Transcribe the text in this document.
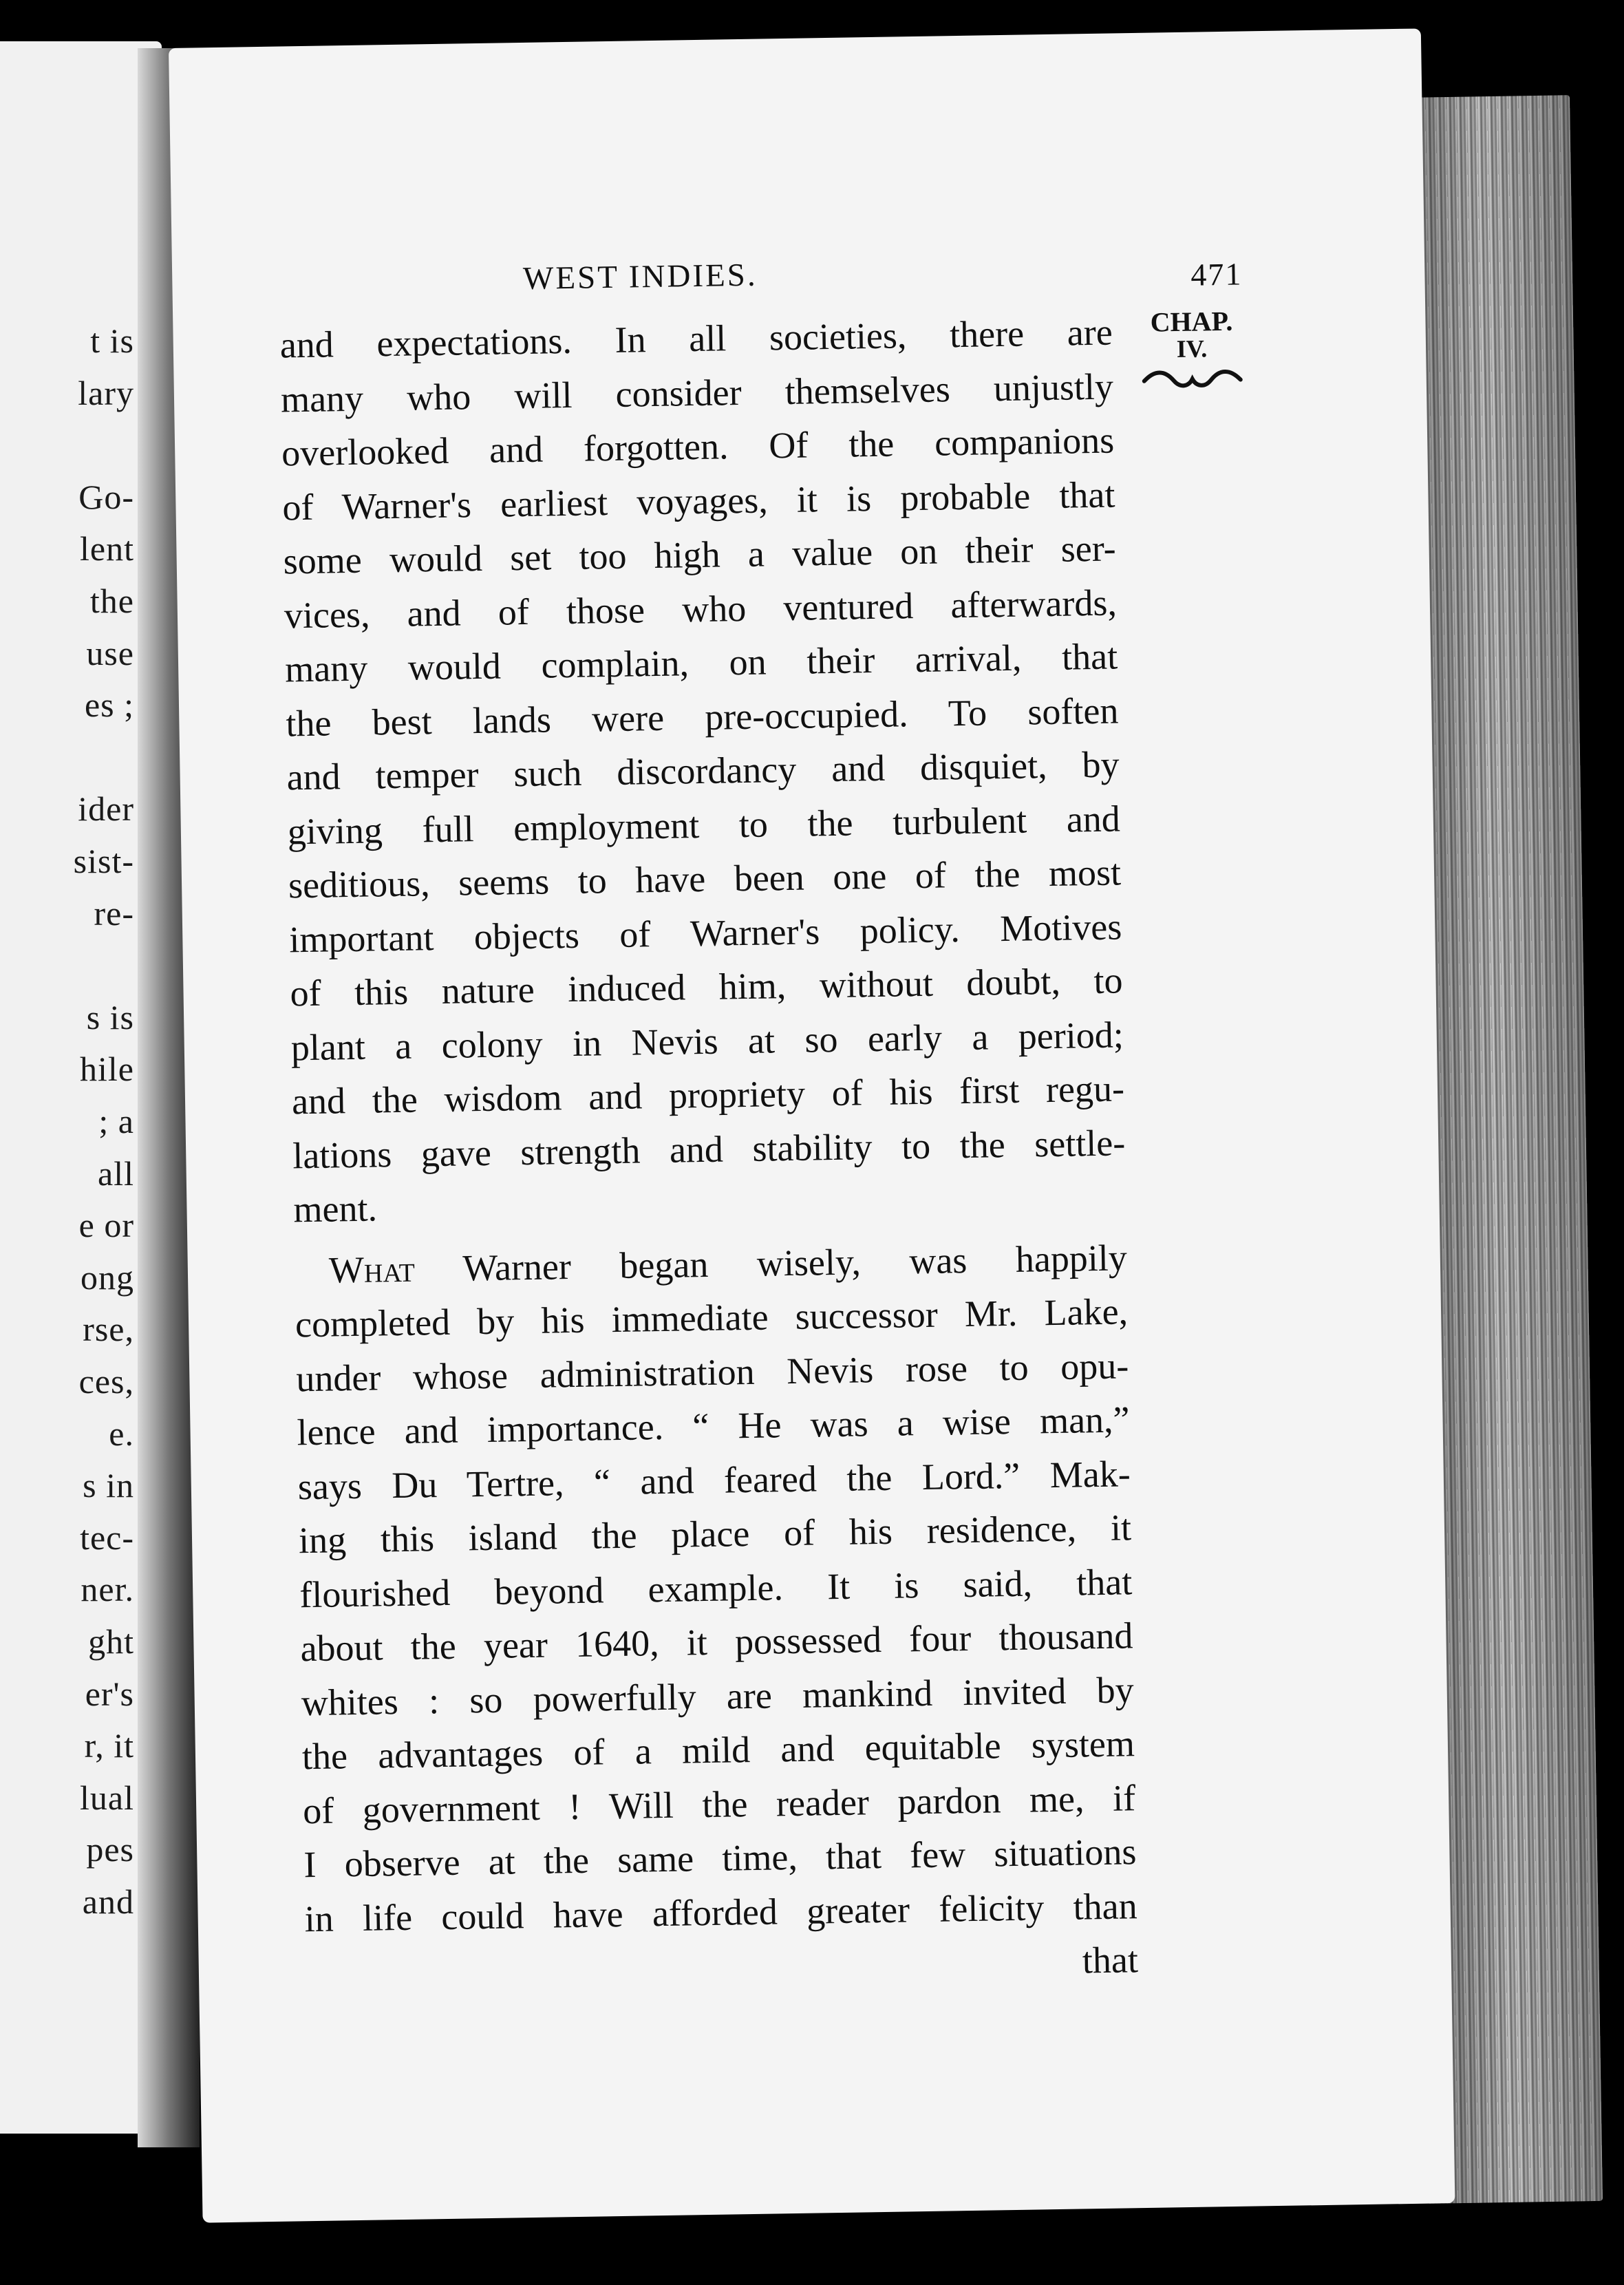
t is
lary
Go-
lent
the
use
es ;
ider
sist-
re-
s is
hile
; a
all
e or
ong
rse,
ces,
e.
s in
tec-
ner.
ght
er's
r, it
lual
pes
and
WEST INDIES.	471
CHAP.
IV.
and expectations. In all societies, there are
many who will consider themselves unjustly
overlooked and forgotten. Of the companions
of Warner's earliest voyages, it is probable that
some would set too high a value on their ser-
vices, and of those who ventured afterwards,
many would complain, on their arrival, that
the best lands were pre-occupied. To soften
and temper such discordancy and disquiet, by
giving full employment to the turbulent and
seditious, seems to have been one of the most
important objects of Warner's policy. Motives
of this nature induced him, without doubt, to
plant a colony in Nevis at so early a period;
and the wisdom and propriety of his first regu-
lations gave strength and stability to the settle-
ment.
What Warner began wisely, was happily
completed by his immediate successor Mr. Lake,
under whose administration Nevis rose to opu-
lence and importance. “ He was a wise man,”
says Du Tertre, “ and feared the Lord.” Mak-
ing this island the place of his residence, it
flourished beyond example. It is said, that
about the year 1640, it possessed four thousand
whites : so powerfully are mankind invited by
the advantages of a mild and equitable system
of government ! Will the reader pardon me, if
I observe at the same time, that few situations
in life could have afforded greater felicity than
that
